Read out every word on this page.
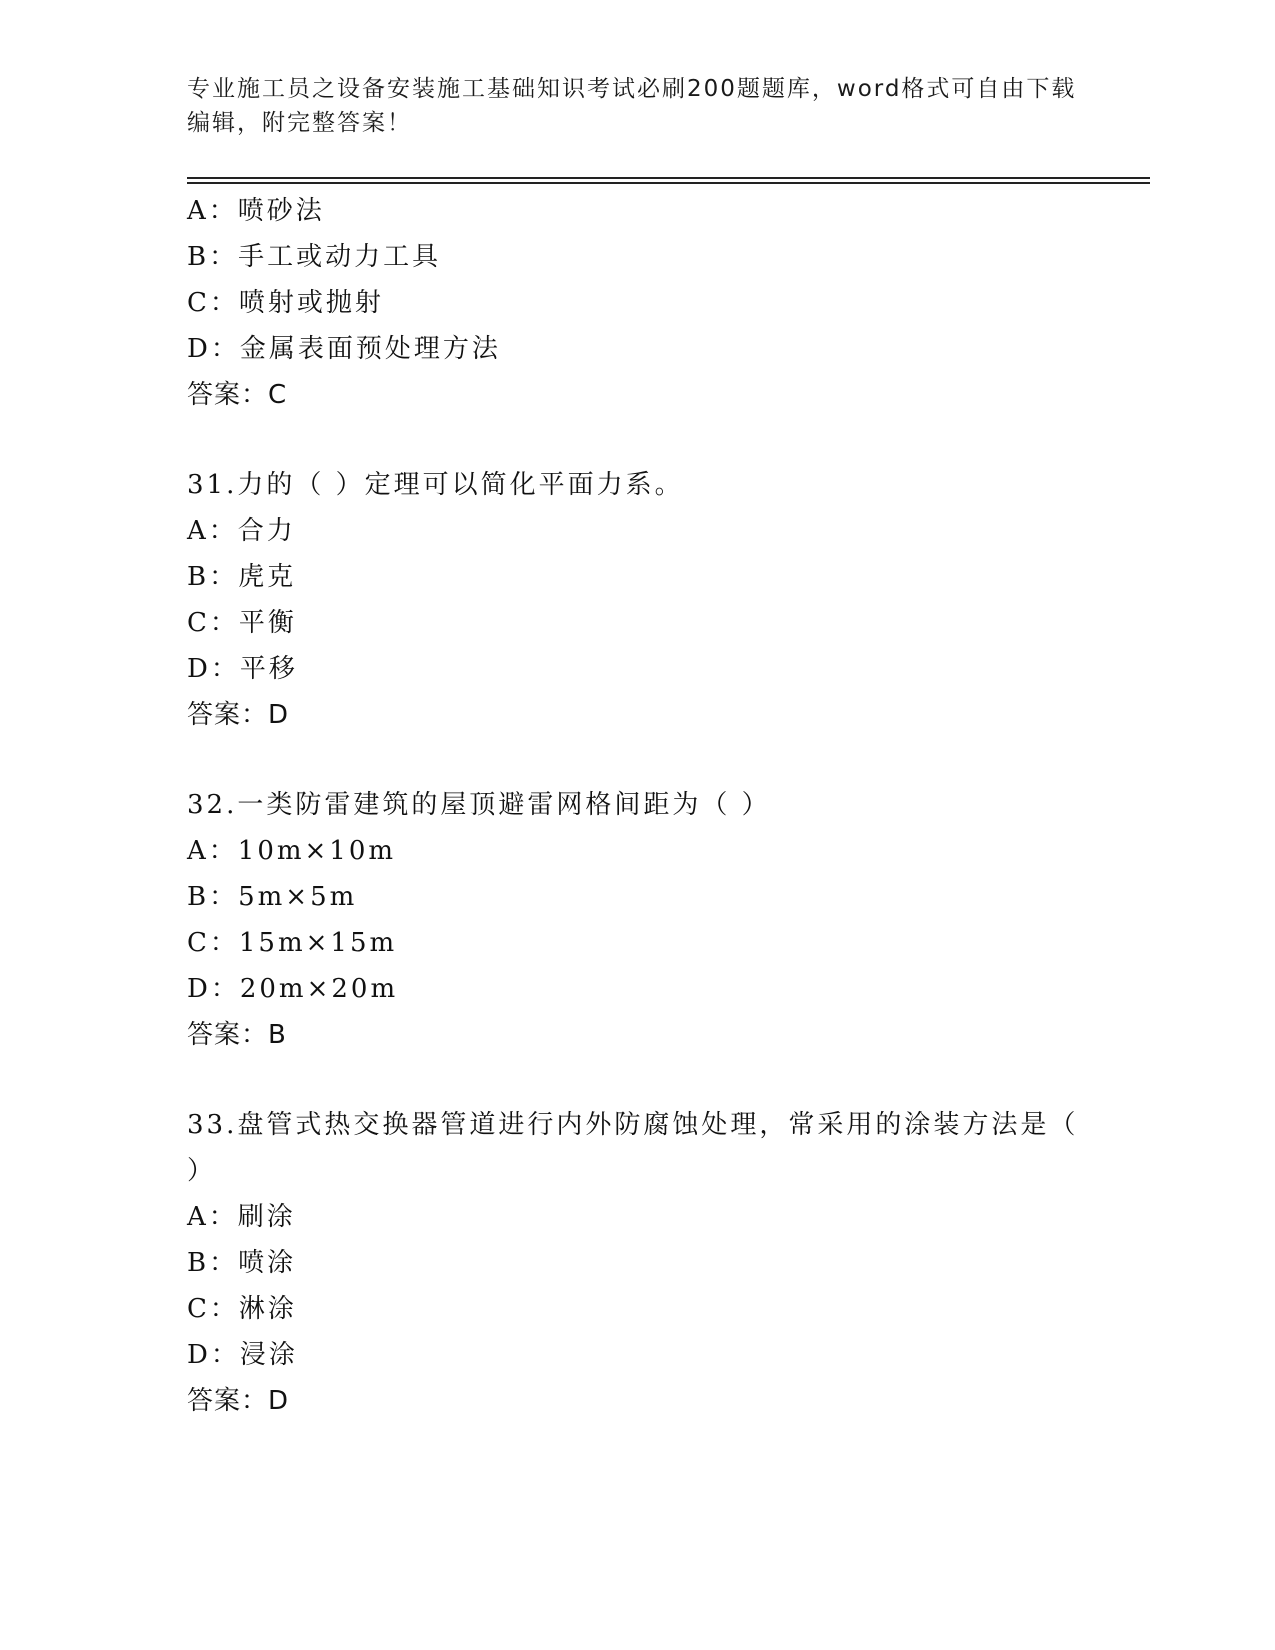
专业施工员之设备安装施工基础知识考试必刷200题题库，word格式可自由下载
编辑，附完整答案！
A：喷砂法
B：手工或动力工具
C：喷射或抛射
D：金属表面预处理方法
答案：C
31.力的（ ）定理可以简化平面力系。
A：合力
B：虎克
C：平衡
D：平移
答案：D
32.一类防雷建筑的屋顶避雷网格间距为（ ）
A：10m×10m
B：5m×5m
C：15m×15m
D：20m×20m
答案：B
33.盘管式热交换器管道进行内外防腐蚀处理，常采用的涂装方法是（
）
A：刷涂
B：喷涂
C：淋涂
D：浸涂
答案：D
